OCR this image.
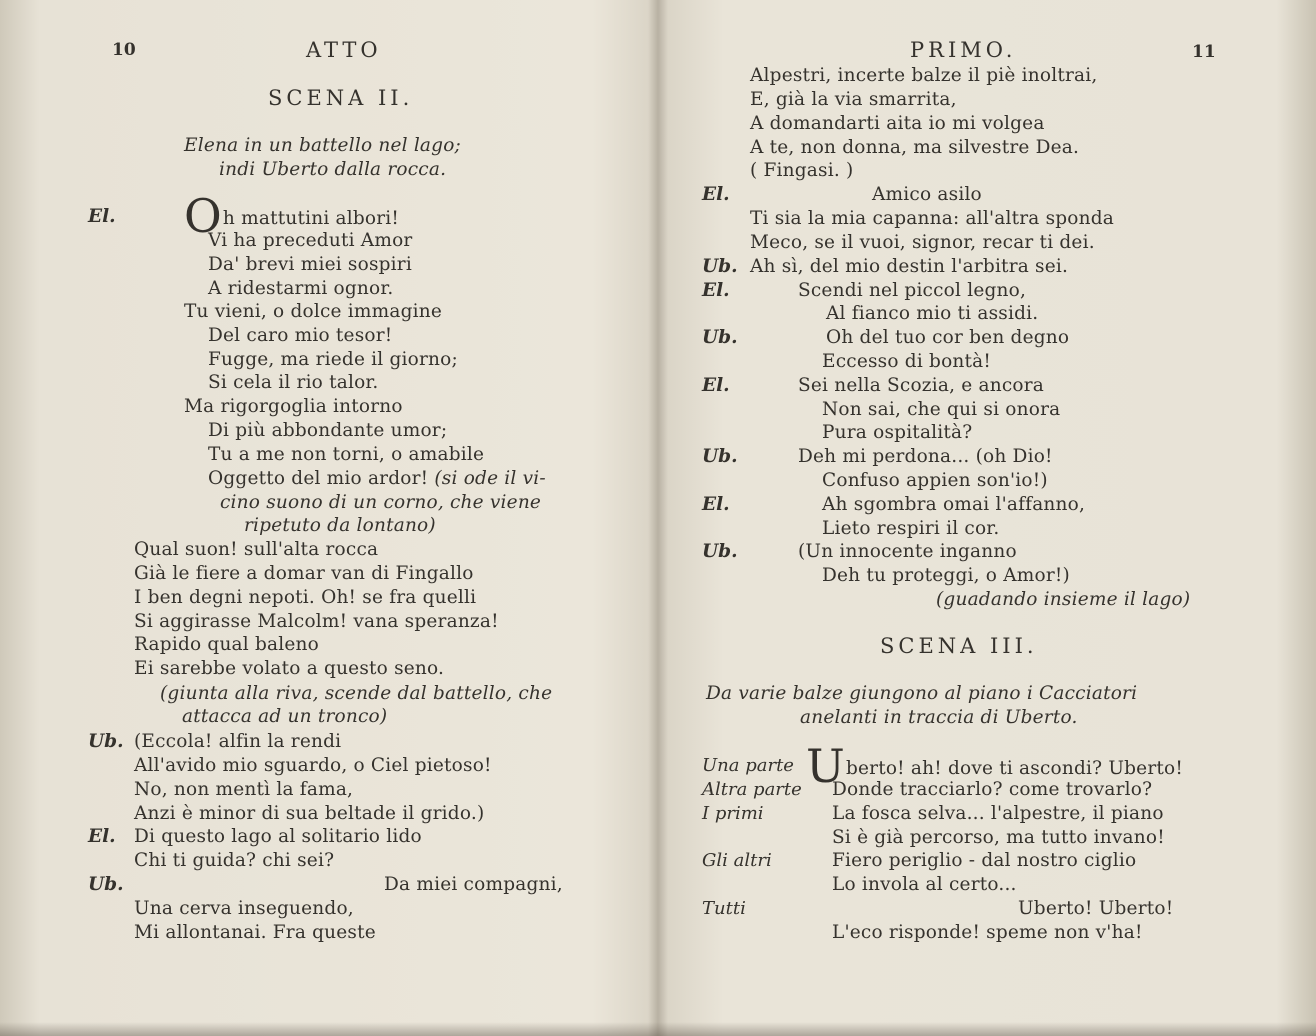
10	ATTO
SCENA II.
Elena in un battello nel lago;
indi Uberto dalla rocca.
El. Oh mattutini albori!
Vi ha preceduti Amor
Da' brevi miei sospiri
A ridestarmi ognor.
Tu vieni, o dolce immagine
Del caro mio tesor!
Fugge, ma riede il giorno;
Si cela il rio talor.
Ma rigorgoglia intorno
Di più abbondante umor;
Tu a me non torni, o amabile
Oggetto del mio ardor! (si ode il vi-
cino suono di un corno, che viene
ripetuto da lontano)
Qual suon! sull'alta rocca
Già le fiere a domar van di Fingallo
I ben degni nepoti. Oh! se fra quelli
Si aggirasse Malcolm! vana speranza!
Rapido qual baleno
Ei sarebbe volato a questo seno.
(giunta alla riva, scende dal battello, che
attacca ad un tronco)
Ub. (Eccola! alfin la rendi
All'avido mio sguardo, o Ciel pietoso!
No, non mentì la fama,
Anzi è minor di sua beltade il grido.)
El. Di questo lago al solitario lido
Chi ti guida? chi sei?
Ub.	Da miei compagni,
Una cerva inseguendo,
Mi allontanai. Fra queste
PRIMO.	11
Alpestri, incerte balze il piè inoltrai,
E, già la via smarrita,
A domandarti aita io mi volgea
A te, non donna, ma silvestre Dea.
( Fingasi. )
El.	Amico asilo
Ti sia la mia capanna: all'altra sponda
Meco, se il vuoi, signor, recar ti dei.
Ub. Ah sì, del mio destin l'arbitra sei.
El.	Scendi nel piccol legno,
Al fianco mio ti assidi.
Ub.	Oh del tuo cor ben degno
Eccesso di bontà!
El.	Sei nella Scozia, e ancora
Non sai, che qui si onora
Pura ospitalità?
Ub.	Deh mi perdona... (oh Dio!
Confuso appien son'io!)
El.	Ah sgombra omai l'affanno,
Lieto respiri il cor.
Ub.	(Un innocente inganno
Deh tu proteggi, o Amor!)
(guadando insieme il lago)
SCENA III.
Da varie balze giungono al piano i Cacciatori
anelanti in traccia di Uberto.
Una parte Uberto! ah! dove ti ascondi? Uberto!
Altra parte Donde tracciarlo? come trovarlo?
I primi	La fosca selva... l'alpestre, il piano
Si è già percorso, ma tutto invano!
Gli altri	Fiero periglio - dal nostro ciglio
Lo invola al certo...
Tutti	Uberto! Uberto!
L'eco risponde! speme non v'ha!
